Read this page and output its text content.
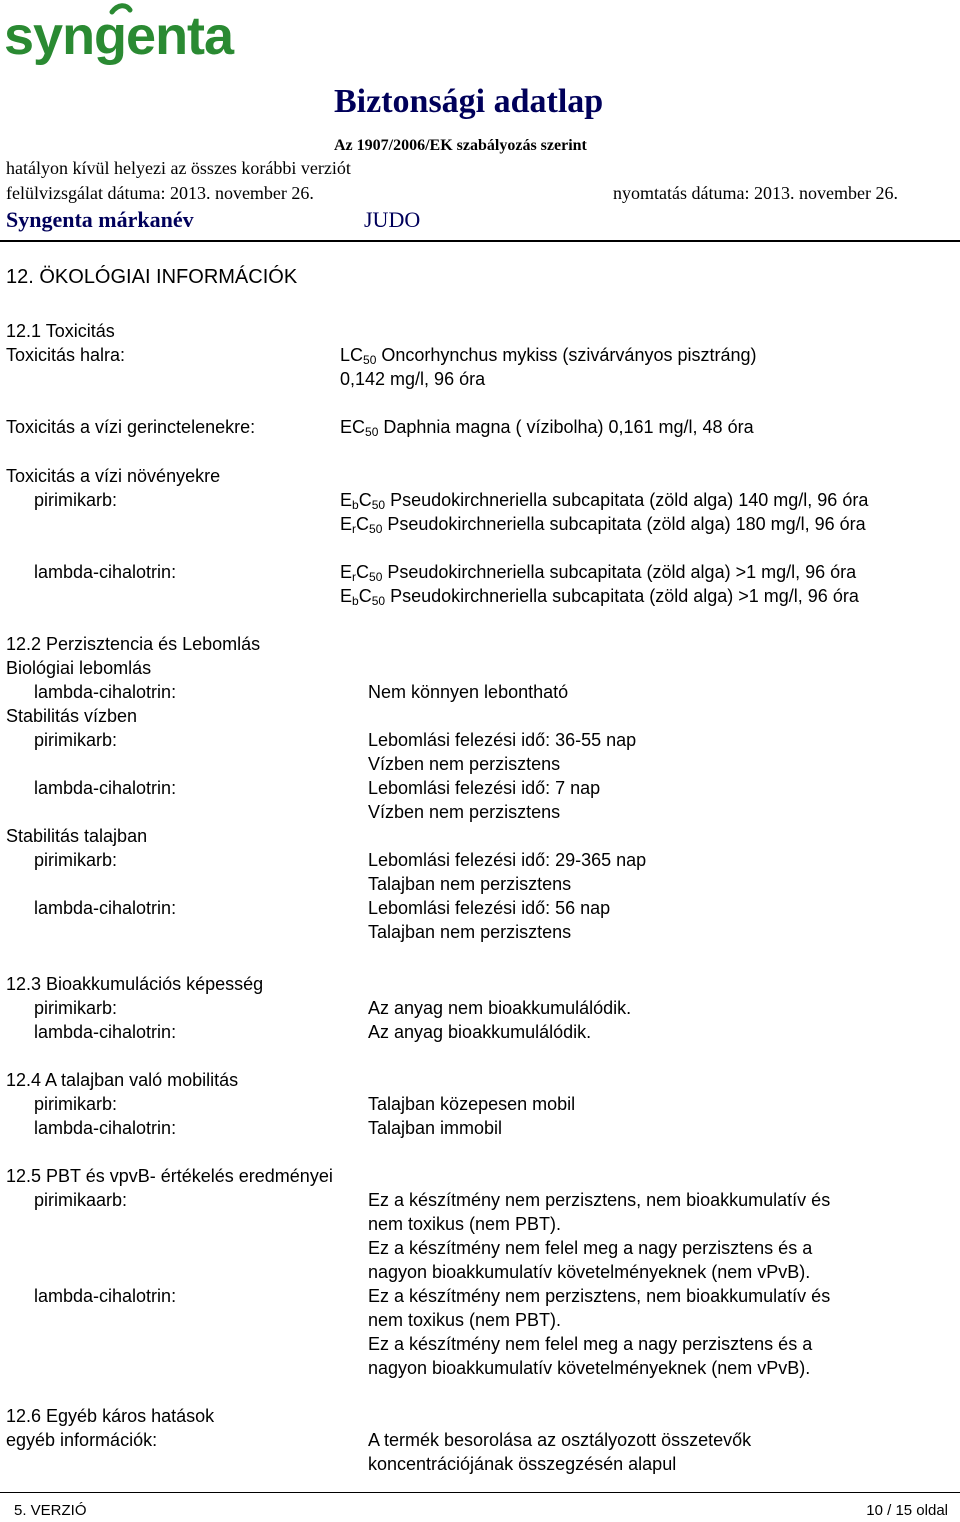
syngenta
Biztonsági adatlap
Az 1907/2006/EK szabályozás szerint
hatályon kívül helyezi az összes korábbi verziót
felülvizsgálat dátuma: 2013. november 26.	nyomtatás dátuma: 2013. november 26.
Syngenta márkanév	JUDO
12. ÖKOLÓGIAI INFORMÁCIÓK
12.1 Toxicitás
Toxicitás halra:	$LC_{50}$ Oncorhynchus mykiss (szivárványos pisztráng)
0,142 mg/l, 96 óra
Toxicitás a vízi gerinctelenekre:	$EC_{50}$ Daphnia magna ( vízibolha) 0,161 mg/l, 48 óra
Toxicitás a vízi növényekre
pirimikarb:	$E_bC_{50}$ Pseudokirchneriella subcapitata (zöld alga) 140 mg/l, 96 óra
$E_rC_{50}$ Pseudokirchneriella subcapitata (zöld alga) 180 mg/l, 96 óra
lambda-cihalotrin:	$E_rC_{50}$ Pseudokirchneriella subcapitata (zöld alga) >1 mg/l, 96 óra
$E_bC_{50}$ Pseudokirchneriella subcapitata (zöld alga) >1 mg/l, 96 óra
12.2 Perzisztencia és Lebomlás
Biológiai lebomlás
lambda-cihalotrin:	Nem könnyen lebontható
Stabilitás vízben
pirimikarb:	Lebomlási felezési idő: 36-55 nap
Vízben nem perzisztens
lambda-cihalotrin:	Lebomlási felezési idő: 7 nap
Vízben nem perzisztens
Stabilitás talajban
pirimikarb:	Lebomlási felezési idő: 29-365 nap
Talajban nem perzisztens
lambda-cihalotrin:	Lebomlási felezési idő: 56 nap
Talajban nem perzisztens
12.3 Bioakkumulációs képesség
pirimikarb:	Az anyag nem bioakkumulálódik.
lambda-cihalotrin:	Az anyag bioakkumulálódik.
12.4 A talajban való mobilitás
pirimikarb:	Talajban közepesen mobil
lambda-cihalotrin:	Talajban immobil
12.5 PBT és vpvB- értékelés eredményei
pirimikaarb:	Ez a készítmény nem perzisztens, nem bioakkumulatív és
nem toxikus (nem PBT).
Ez a készítmény nem felel meg a nagy perzisztens és a
nagyon bioakkumulatív követelményeknek (nem vPvB).
lambda-cihalotrin:	Ez a készítmény nem perzisztens, nem bioakkumulatív és
nem toxikus (nem PBT).
Ez a készítmény nem felel meg a nagy perzisztens és a
nagyon bioakkumulatív követelményeknek (nem vPvB).
12.6 Egyéb káros hatások
egyéb információk:	A termék besorolása az osztályozott összetevők
koncentrációjának összegzésén alapul
5. VERZIÓ	10 / 15 oldal
